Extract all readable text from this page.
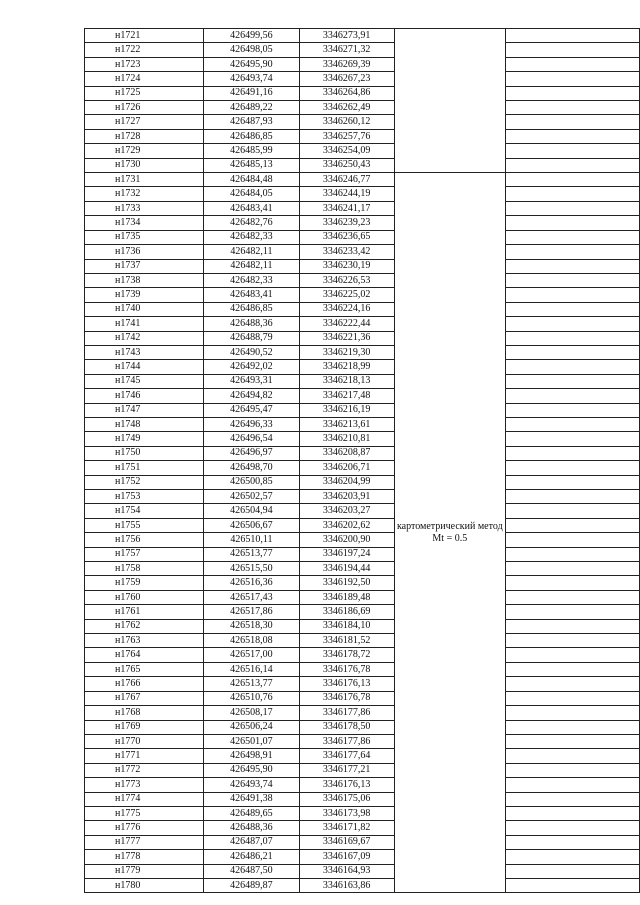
н1721	426499,56	3346273,91		
н1722	426498,05	3346271,32		
н1723	426495,90	3346269,39		
н1724	426493,74	3346267,23		
н1725	426491,16	3346264,86		
н1726	426489,22	3346262,49		
н1727	426487,93	3346260,12		
н1728	426486,85	3346257,76		
н1729	426485,99	3346254,09		
н1730	426485,13	3346250,43		
н1731	426484,48	3346246,77	картометрический метод Mt = 0.5	
н1732	426484,05	3346244,19		
н1733	426483,41	3346241,17		
н1734	426482,76	3346239,23		
н1735	426482,33	3346236,65		
н1736	426482,11	3346233,42		
н1737	426482,11	3346230,19		
н1738	426482,33	3346226,53		
н1739	426483,41	3346225,02		
н1740	426486,85	3346224,16		
н1741	426488,36	3346222,44		
н1742	426488,79	3346221,36		
н1743	426490,52	3346219,30		
н1744	426492,02	3346218,99		
н1745	426493,31	3346218,13		
н1746	426494,82	3346217,48		
н1747	426495,47	3346216,19		
н1748	426496,33	3346213,61		
н1749	426496,54	3346210,81		
н1750	426496,97	3346208,87		
н1751	426498,70	3346206,71		
н1752	426500,85	3346204,99		
н1753	426502,57	3346203,91		
н1754	426504,94	3346203,27		
н1755	426506,67	3346202,62		
н1756	426510,11	3346200,90		
н1757	426513,77	3346197,24		
н1758	426515,50	3346194,44		
н1759	426516,36	3346192,50		
н1760	426517,43	3346189,48		
н1761	426517,86	3346186,69		
н1762	426518,30	3346184,10		
н1763	426518,08	3346181,52		
н1764	426517,00	3346178,72		
н1765	426516,14	3346176,78		
н1766	426513,77	3346176,13		
н1767	426510,76	3346176,78		
н1768	426508,17	3346177,86		
н1769	426506,24	3346178,50		
н1770	426501,07	3346177,86		
н1771	426498,91	3346177,64		
н1772	426495,90	3346177,21		
н1773	426493,74	3346176,13		
н1774	426491,38	3346175,06		
н1775	426489,65	3346173,98		
н1776	426488,36	3346171,82		
н1777	426487,07	3346169,67		
н1778	426486,21	3346167,09		
н1779	426487,50	3346164,93		
н1780	426489,87	3346163,86		
